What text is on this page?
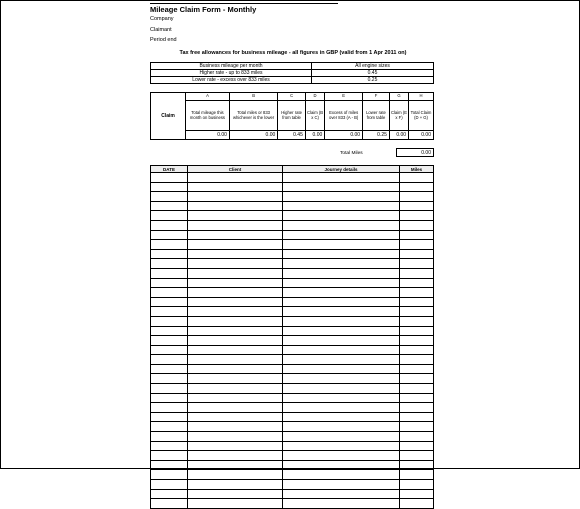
Mileage Claim Form - Monthly
Company
Claimant
Period end
Tax free allowances for business mileage - all figures in GBP (valid from 1 Apr 2011 on)
Business mileage per month	All engine sizes
Higher rate - up to 833 miles	0.45
Lower rate - excess over 833 miles	0.25
Claim	A	B	C	D	E	F	G	H
	Total mileage this month on business	Total miles or 833 whichever is the lower	Higher rate from table	Claim (B x C)	Excess of miles over 833 (A - B)	Lower rate from table	Claim (E x F)	Total Claim (D + G)
	0.00	0.00	0.45	0.00	0.00	0.25	0.00	0.00
Total Miles	0.00
DATE	Client	Journey details	Miles
